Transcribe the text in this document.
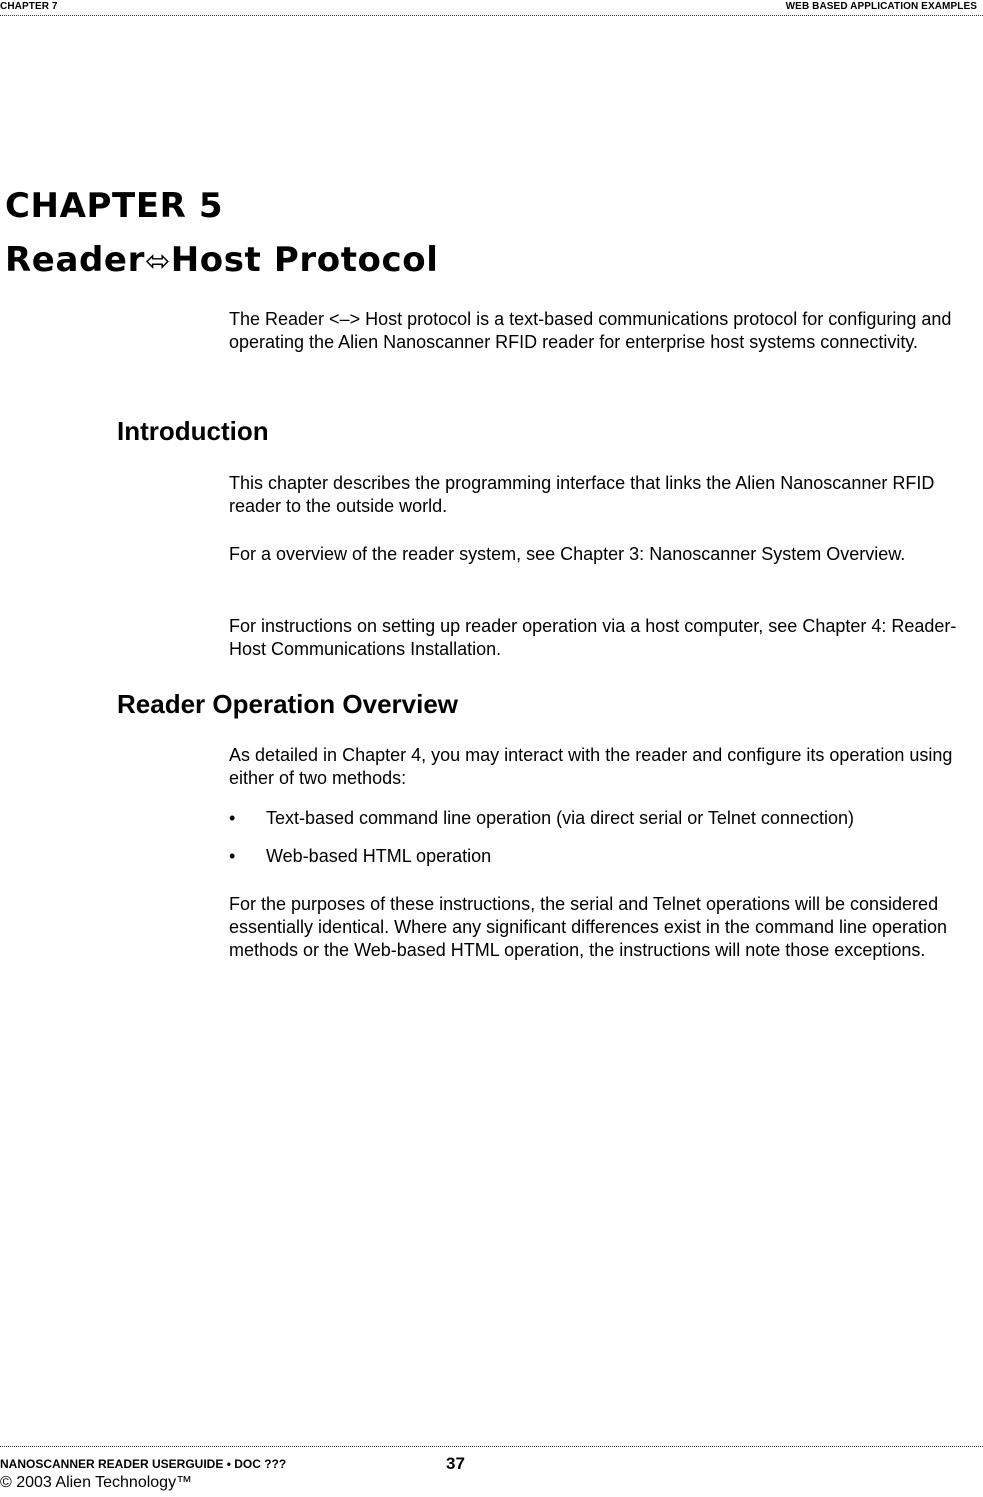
CHAPTER 7	WEB BASED APPLICATION EXAMPLES
CHAPTER 5
Reader⬄Host Protocol

The Reader <–> Host protocol is a text-based communications protocol for configuring and operating the Alien Nanoscanner RFID reader for enterprise host systems connectivity.

Introduction

This chapter describes the programming interface that links the Alien Nanoscanner RFID reader to the outside world.

For a overview of the reader system, see Chapter 3: Nanoscanner System Overview.

For instructions on setting up reader operation via a host computer, see Chapter 4: Reader-Host Communications Installation.

Reader Operation Overview

As detailed in Chapter 4, you may interact with the reader and configure its operation using either of two methods:

• Text-based command line operation (via direct serial or Telnet connection)
• Web-based HTML operation

For the purposes of these instructions, the serial and Telnet operations will be considered essentially identical. Where any significant differences exist in the command line operation methods or the Web-based HTML operation, the instructions will note those exceptions.

NANOSCANNER READER USERGUIDE • DOC ???	37
© 2003 Alien Technology™
